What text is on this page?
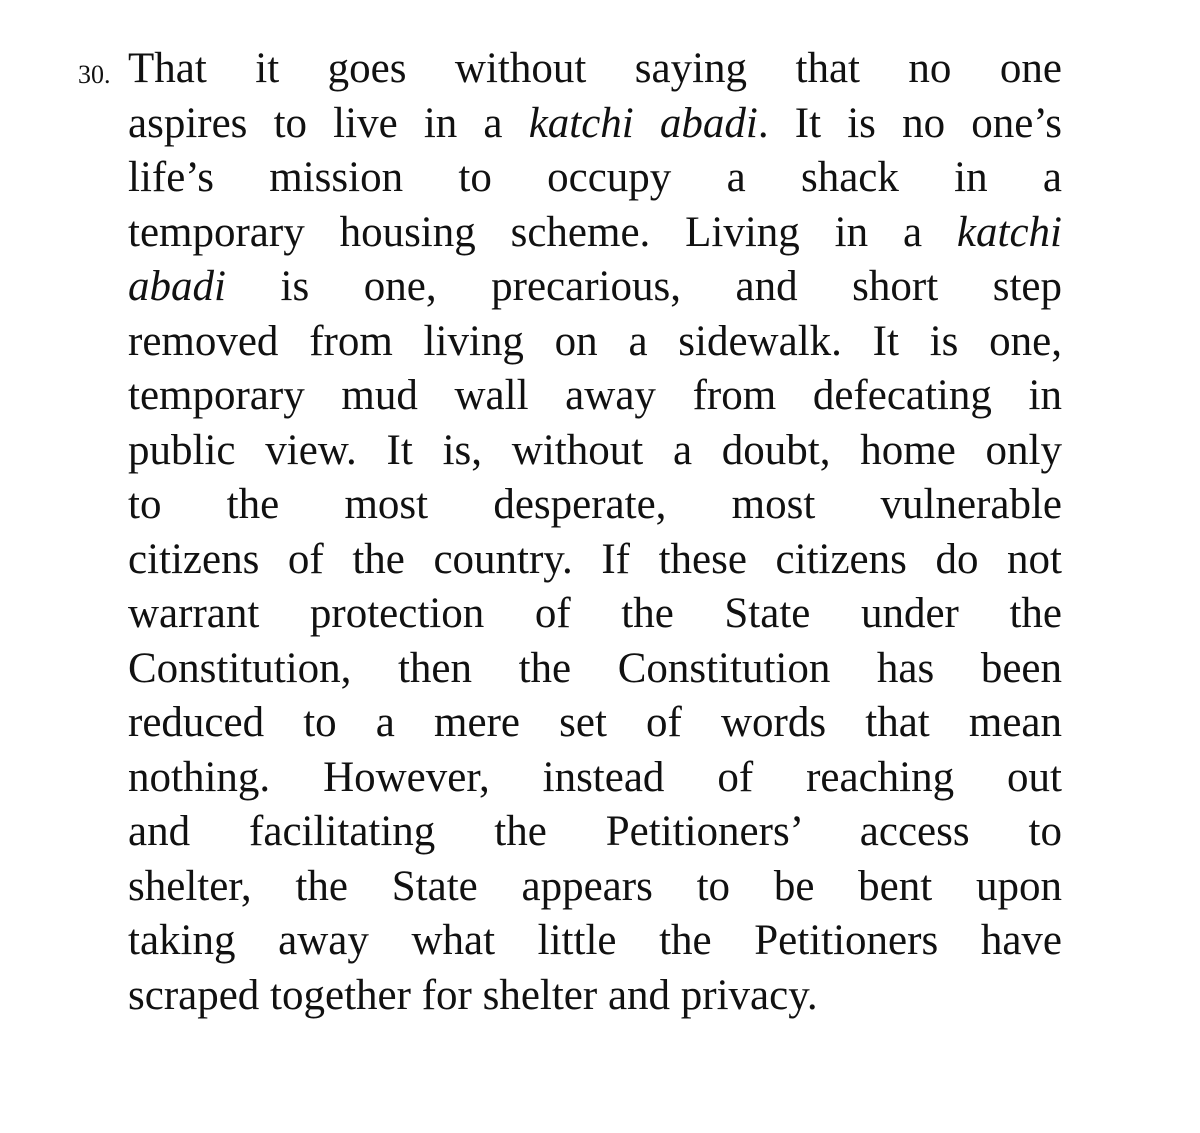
30. That it goes without saying that no one
aspires to live in a katchi abadi. It is no one’s
life’s mission to occupy a shack in a
temporary housing scheme. Living in a katchi
abadi is one, precarious, and short step
removed from living on a sidewalk. It is one,
temporary mud wall away from defecating in
public view. It is, without a doubt, home only
to the most desperate, most vulnerable
citizens of the country. If these citizens do not
warrant protection of the State under the
Constitution, then the Constitution has been
reduced to a mere set of words that mean
nothing. However, instead of reaching out
and facilitating the Petitioners’ access to
shelter, the State appears to be bent upon
taking away what little the Petitioners have
scraped together for shelter and privacy.
